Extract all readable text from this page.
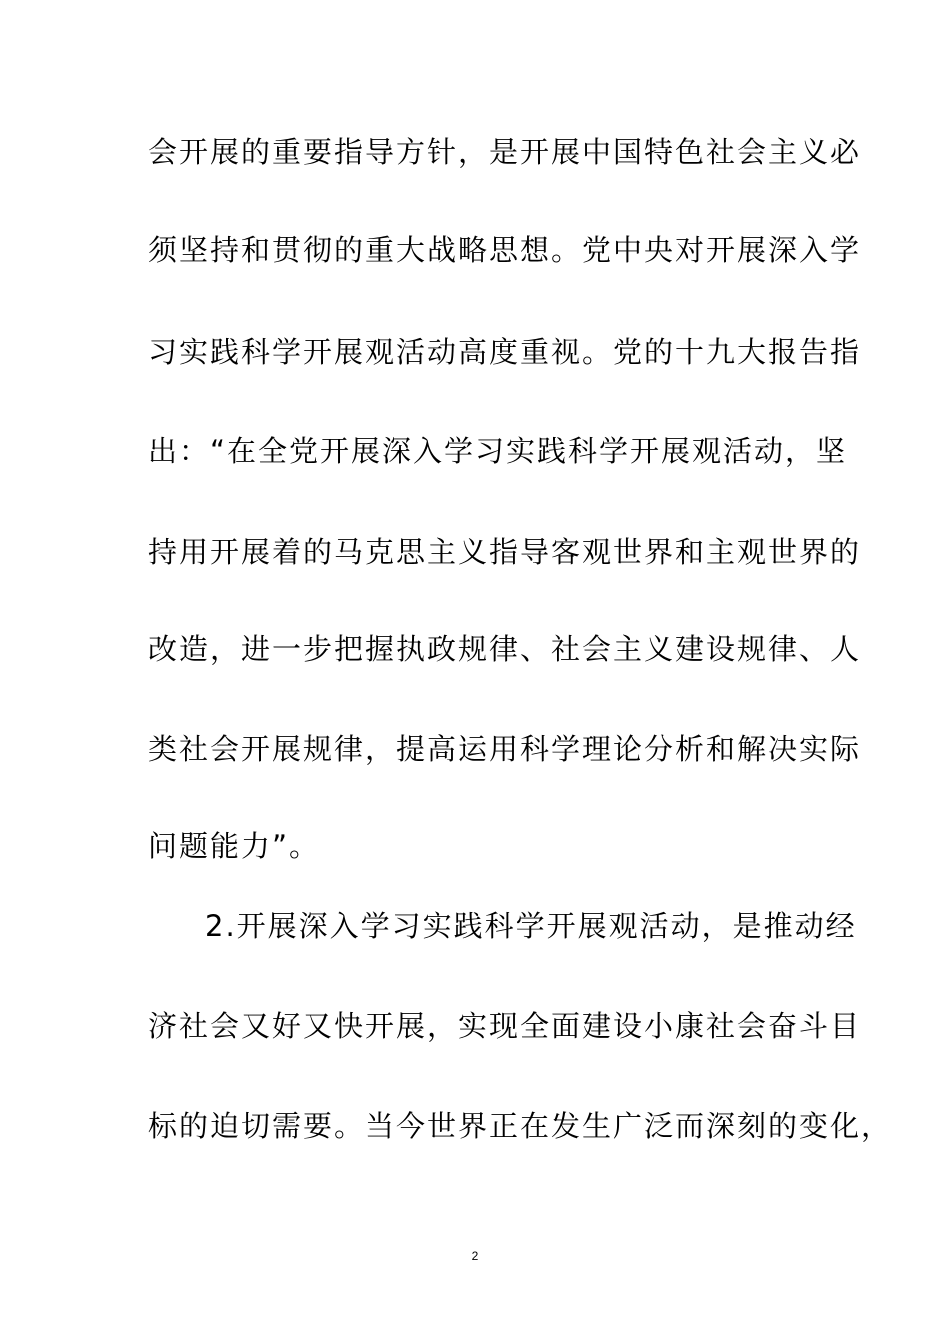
会开展的重要指导方针，是开展中国特色社会主义必
须坚持和贯彻的重大战略思想。党中央对开展深入学
习实践科学开展观活动高度重视。党的十九大报告指
出：“在全党开展深入学习实践科学开展观活动，坚
持用开展着的马克思主义指导客观世界和主观世界的
改造，进一步把握执政规律、社会主义建设规律、人
类社会开展规律，提高运用科学理论分析和解决实际
问题能力”。
2.开展深入学习实践科学开展观活动，是推动经
济社会又好又快开展，实现全面建设小康社会奋斗目
标的迫切需要。当今世界正在发生广泛而深刻的变化，
2
